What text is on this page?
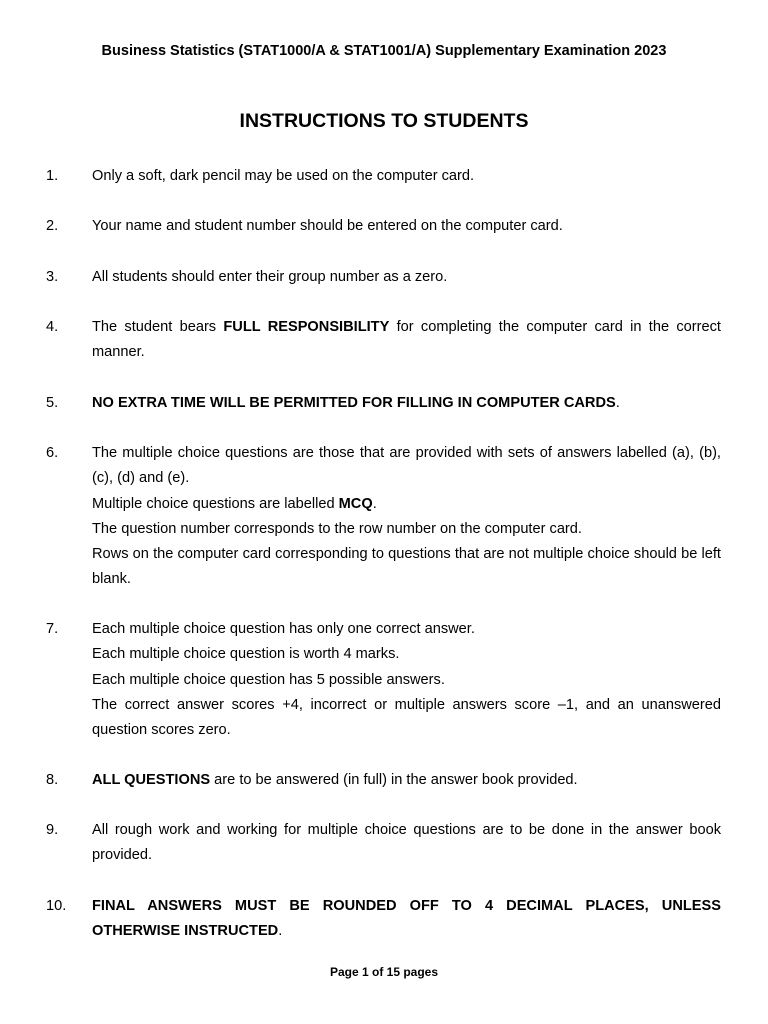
Business Statistics (STAT1000/A & STAT1001/A) Supplementary Examination 2023
INSTRUCTIONS TO STUDENTS
1. Only a soft, dark pencil may be used on the computer card.

2. Your name and student number should be entered on the computer card.

3. All students should enter their group number as a zero.

4. The student bears FULL RESPONSIBILITY for completing the computer card in the correct manner.

5. NO EXTRA TIME WILL BE PERMITTED FOR FILLING IN COMPUTER CARDS.

6. The multiple choice questions are those that are provided with sets of answers labelled (a), (b), (c), (d) and (e).

Multiple choice questions are labelled MCQ.

The question number corresponds to the row number on the computer card.

Rows on the computer card corresponding to questions that are not multiple choice should be left blank.

7. Each multiple choice question has only one correct answer.

Each multiple choice question is worth 4 marks.

Each multiple choice question has 5 possible answers.

The correct answer scores +4, incorrect or multiple answers score –1, and an unanswered question scores zero.

8. ALL QUESTIONS are to be answered (in full) in the answer book provided.

9. All rough work and working for multiple choice questions are to be done in the answer book provided.

10. FINAL ANSWERS MUST BE ROUNDED OFF TO 4 DECIMAL PLACES, UNLESS OTHERWISE INSTRUCTED.

Page 1 of 15 pages
